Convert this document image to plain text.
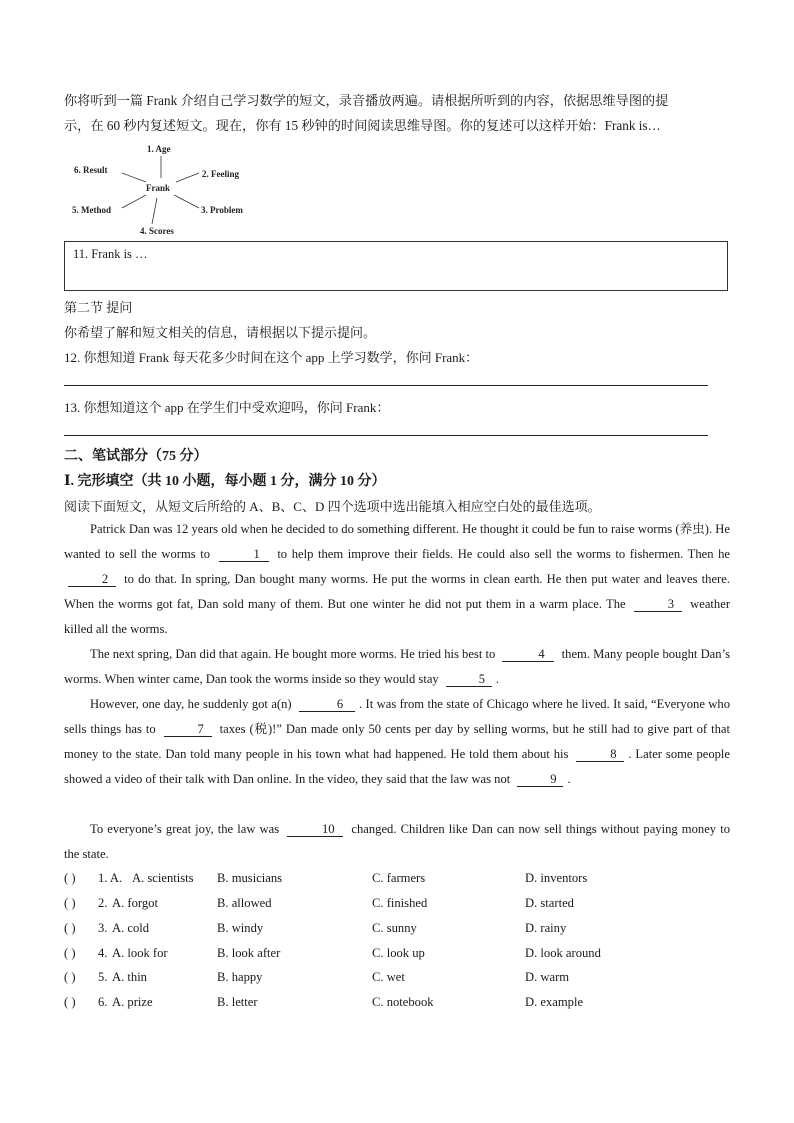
你将听到一篇 Frank 介绍自己学习数学的短文，录音播放两遍。请根据所听到的内容，依据思维导图的提
示，在 60 秒内复述短文。现在，你有 15 秒钟的时间阅读思维导图。你的复述可以这样开始：Frank is…
Frank
1. Age
2. Feeling
3. Problem
4. Scores
5. Method
6. Result
11. Frank is …
第二节 提问
你希望了解和短文相关的信息，请根据以下提示提问。
12. 你想知道 Frank 每天花多少时间在这个 app 上学习数学，你问 Frank：
13. 你想知道这个 app 在学生们中受欢迎吗，你问 Frank：
二、笔试部分（75 分）
Ⅰ. 完形填空（共 10 小题，每小题 1 分，满分 10 分）
阅读下面短文，从短文后所给的 A、B、C、D 四个选项中选出能填入相应空白处的最佳选项。
Patrick Dan was 12 years old when he decided to do something different. He thought it could be fun to raise worms (养虫). He wanted to sell the worms to	1 to help them improve their fields. He could also sell the worms to fishermen. Then he 2 to do that. In spring, Dan bought many worms. He put the worms in clean earth. He then put water and leaves there. When the worms got fat, Dan sold many of them. But one winter he did not put them in a warm place. The	3 weather killed all the worms.
The next spring, Dan did that again. He bought more worms. He tried his best to	4 them. Many people bought Dan’s worms. When winter came, Dan took the worms inside so they would stay	5 .
However, one day, he suddenly got a(n)	6 . It was from the state of Chicago where he lived. It said, “Everyone who sells things has to	7 taxes (税)!” Dan made only 50 cents per day by selling worms, but he still had to give part of that money to the state. Dan told many people in his town what had happened. He told them about his	8 . Later some people showed a video of their talk with Dan online. In the video, they said that the law was not	9 .
To everyone’s great joy, the law was	10 changed. Children like Dan can now sell things without paying money to the state.
( ) 1. A. A. scientists B. musicians	C. farmers	D. inventors
( ) 2. A. forgot	B. allowed	C. finished	D. started
( ) 3. A. cold	B. windy	C. sunny	D. rainy
( ) 4. A. look for	B. look after	C. look up	D. look around
( ) 5. A. thin	B. happy	C. wet	D. warm
( ) 6. A. prize	B. letter	C. notebook	D. example
